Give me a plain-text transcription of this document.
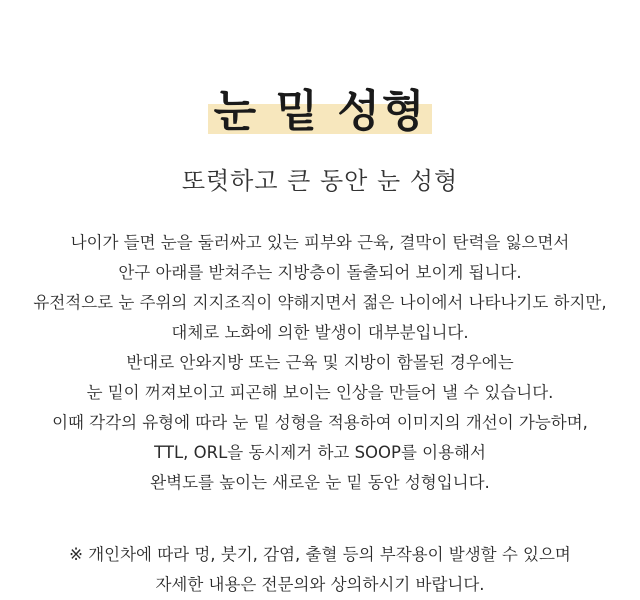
눈 밑 성형
또렷하고 큰 동안 눈 성형
나이가 들면 눈을 둘러싸고 있는 피부와 근육, 결막이 탄력을 잃으면서
안구 아래를 받쳐주는 지방층이 돌출되어 보이게 됩니다.
유전적으로 눈 주위의 지지조직이 약해지면서 젊은 나이에서 나타나기도 하지만,
대체로 노화에 의한 발생이 대부분입니다.
반대로 안와지방 또는 근육 및 지방이 함몰된 경우에는
눈 밑이 꺼져보이고 피곤해 보이는 인상을 만들어 낼 수 있습니다.
이때 각각의 유형에 따라 눈 밑 성형을 적용하여 이미지의 개선이 가능하며,
TTL, ORL을 동시제거 하고 SOOP를 이용해서
완벽도를 높이는 새로운 눈 밑 동안 성형입니다.
※ 개인차에 따라 멍, 붓기, 감염, 출혈 등의 부작용이 발생할 수 있으며
자세한 내용은 전문의와 상의하시기 바랍니다.
